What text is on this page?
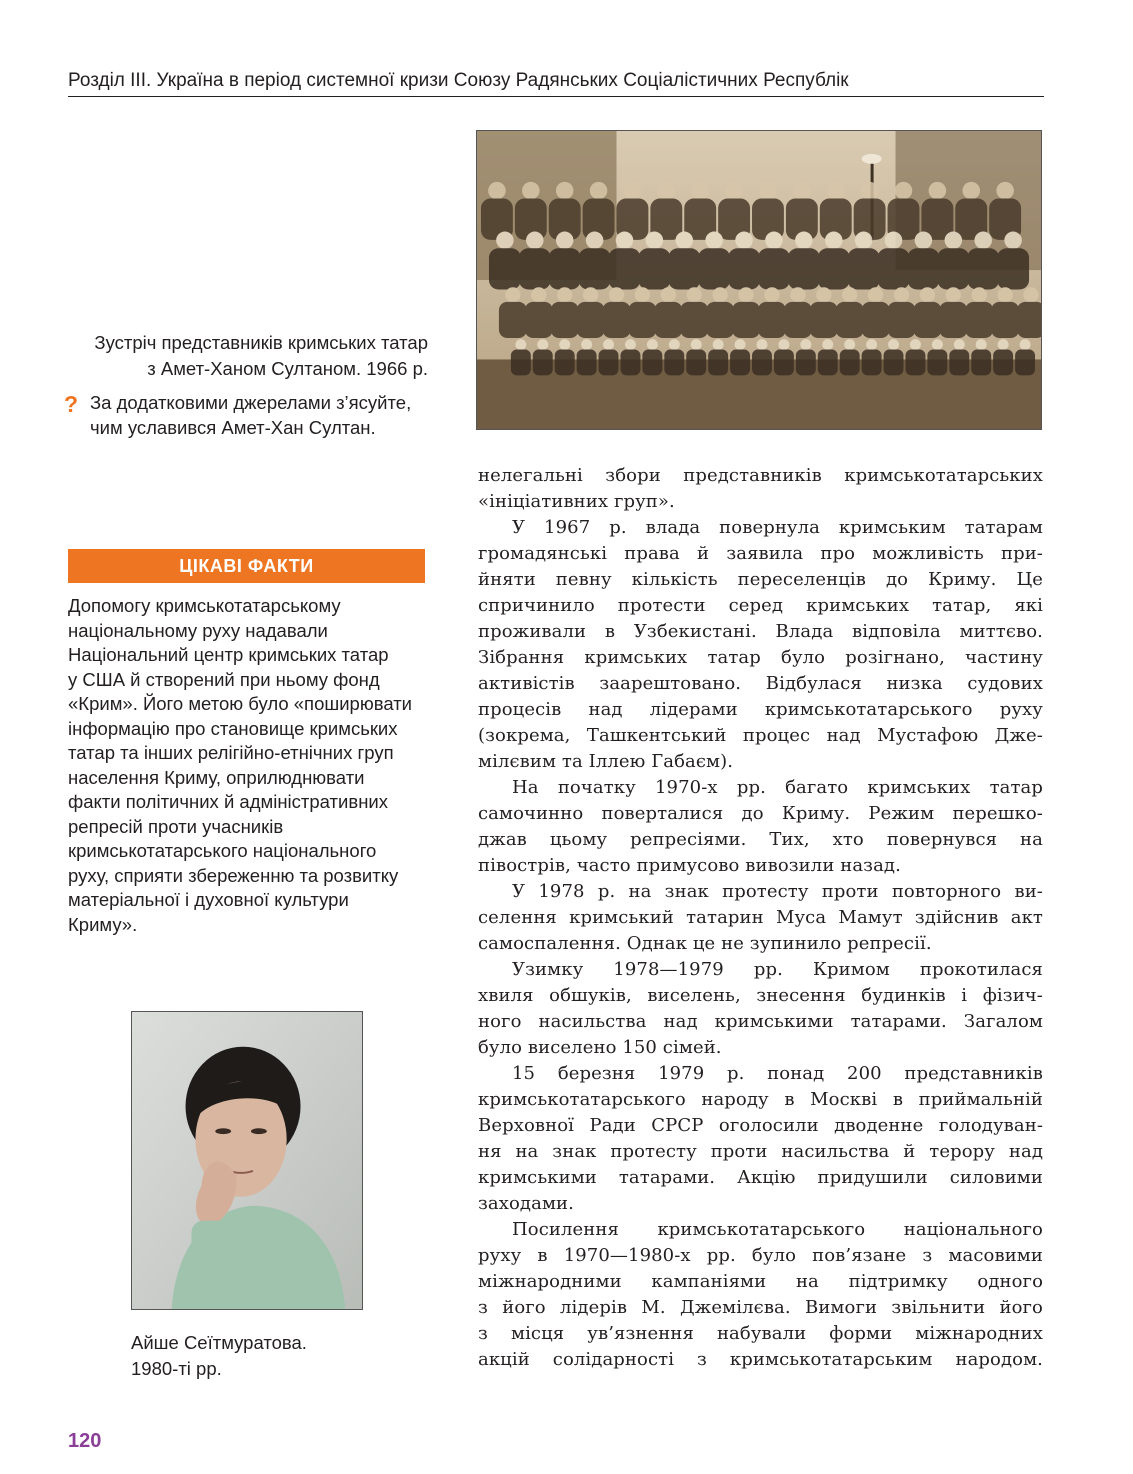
Розділ III. Україна в період системної кризи Союзу Радянських Соціалістичних Республік

Зустріч представників кримських татар

з Амет-Ханом Султаном. 1966 р.

? За додатковими джерелами з’ясуйте,
чим уславився Амет-Хан Султан.
ЦІКАВІ ФАКТИ
Допомогу кримськотатарському
національному руху надавали
Національний центр кримських татар
у США й створений при ньому фонд
«Крим». Його метою було «поширювати
інформацію про становище кримських
татар та інших релігійно-етнічних груп
населення Криму, оприлюднювати
факти політичних й адміністративних
репресій проти учасників
кримськотатарського національного
руху, сприяти збереженню та розвитку
матеріальної і духовної культури
Криму».
Айше Сеїтмуратова.
1980-ті рр.
120
нелегальні збори представників кримськотатарських
«ініціативних груп».
У 1967 р. влада повернула кримським татарам
громадянські права й заявила про можливість при-
йняти певну кількість переселенців до Криму. Це
спричинило протести серед кримських татар, які
проживали в Узбекистані. Влада відповіла миттєво.
Зібрання кримських татар було розігнано, частину
активістів заарештовано. Відбулася низка судових
процесів над лідерами кримськотатарського руху
(зокрема, Ташкентський процес над Мустафою Дже-
мілєвим та Іллею Габаєм).
На початку 1970-х рр. багато кримських татар
самочинно поверталися до Криму. Режим перешко-
джав цьому репресіями. Тих, хто повернувся на
півострів, часто примусово вивозили назад.
У 1978 р. на знак протесту проти повторного ви-
селення кримський татарин Муса Мамут здійснив акт
самоспалення. Однак це не зупинило репресії.
Узимку 1978—1979 рр. Кримом прокотилася
хвиля обшуків, виселень, знесення будинків і фізич-
ного насильства над кримськими татарами. Загалом
було виселено 150 сімей.
15 березня 1979 р. понад 200 представників
кримськотатарського народу в Москві в приймальній
Верховної Ради СРСР оголосили дводенне голодуван-
ня на знак протесту проти насильства й терору над
кримськими татарами. Акцію придушили силовими
заходами.
Посилення кримськотатарського національного
руху в 1970—1980-х рр. було пов’язане з масовими
міжнародними кампаніями на підтримку одного
з його лідерів М. Джемілєва. Вимоги звільнити його
з місця ув’язнення набували форми міжнародних
акцій солідарності з кримськотатарським народом.
